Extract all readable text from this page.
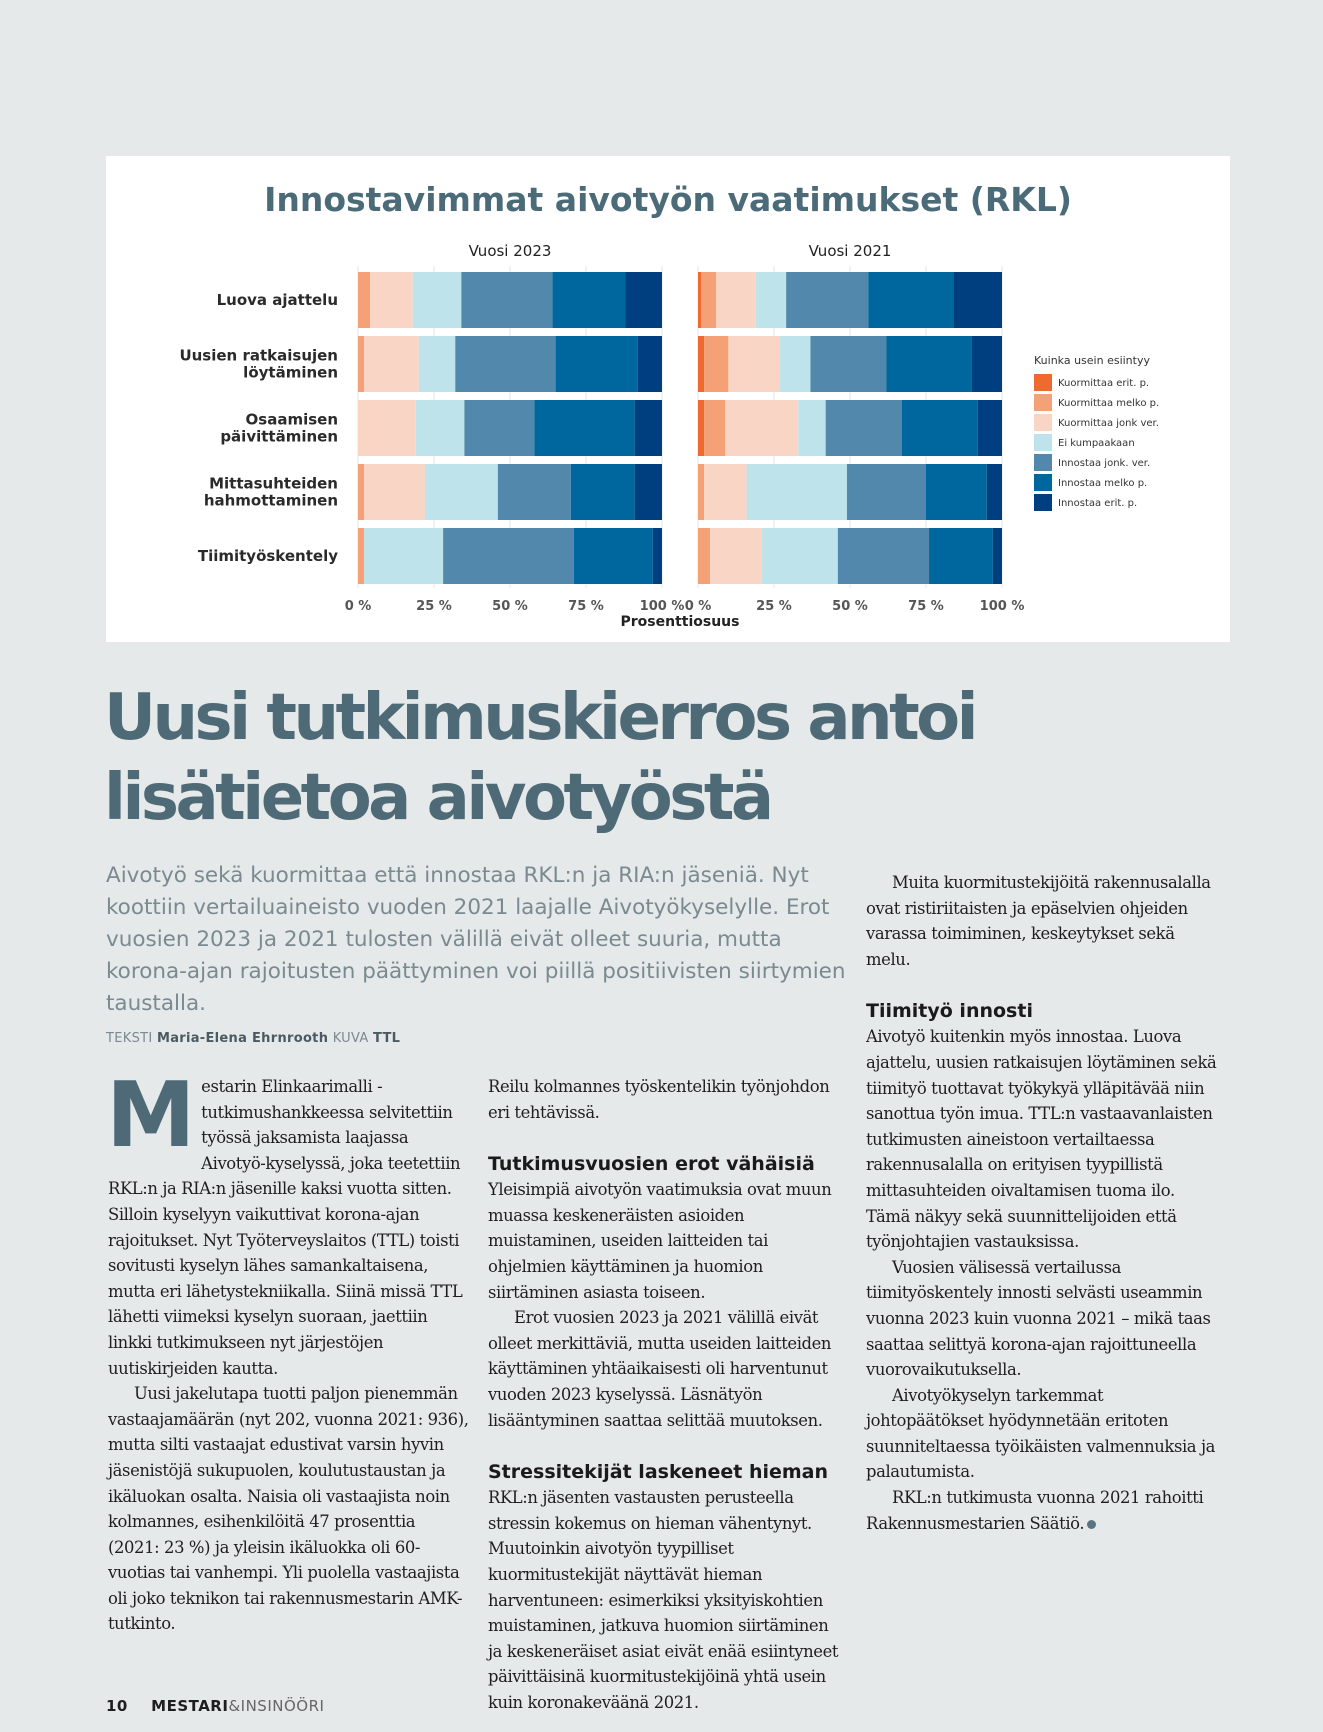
Innostavimmat aivotyön vaatimukset (RKL)
Vuosi 2023
0 %	25 %	50 %	75 %	100 %
Vuosi 2021
0 %	25 %	50 %	75 %	100 %
Luova ajattelu
Uusien ratkaisujen
löytäminen
Osaamisen
päivittäminen
Mittasuhteiden
hahmottaminen
Tiimityöskentely
Prosenttiosuus
Kuinka usein esiintyy
Kuormittaa erit. p.
Kuormittaa melko p.
Kuormittaa jonk ver.
Ei kumpaakaan
Innostaa jonk. ver.
Innostaa melko p.
Innostaa erit. p.
Uusi tutkimuskierros antoi
lisätietoa aivotyöstä

Aivotyö sekä kuormittaa että innostaa RKL:n ja RIA:n jäseniä. Nyt koottiin vertailuaineisto vuoden 2021 laajalle Aivotyökyselylle. Erot vuosien 2023 ja 2021 tulosten välillä eivät olleet suuria, mutta korona-ajan rajoitusten päättyminen voi piillä positiivisten siirtymien taustalla.

TEKSTI Maria-Elena Ehrnrooth KUVA TTL

Mestarin Elinkaarimalli -tutkimushankkeessa selvitettiin työssä jaksamista laajassa Aivotyö-kyselyssä, joka teetettiin RKL:n ja RIA:n jäsenille kaksi vuotta sitten. Silloin kyselyyn vaikuttivat korona-ajan rajoitukset. Nyt Työterveyslaitos (TTL) toisti sovitusti kyselyn lähes samankaltaisena, mutta eri lähetystekniikalla. Siinä missä TTL lähetti viimeksi kyselyn suoraan, jaettiin linkki tutkimukseen nyt järjestöjen uutiskirjeiden kautta.

Uusi jakelutapa tuotti paljon pienemmän vastaajamäärän (nyt 202, vuonna 2021: 936), mutta silti vastaajat edustivat varsin hyvin jäsenistöjä sukupuolen, koulutustaustan ja ikäluokan osalta. Naisia oli vastaajista noin kolmannes, esihenkilöitä 47 prosenttia (2021: 23 %) ja yleisin ikäluokka oli 60-vuotias tai vanhempi. Yli puolella vastaajista oli joko teknikon tai rakennusmestarin AMK-tutkinto.

Reilu kolmannes työskentelikin työnjohdon eri tehtävissä.

Tutkimusvuosien erot vähäisiä

Yleisimpiä aivotyön vaatimuksia ovat muun muassa keskeneräisten asioiden muistaminen, useiden laitteiden tai ohjelmien käyttäminen ja huomion siirtäminen asiasta toiseen.

Erot vuosien 2023 ja 2021 välillä eivät olleet merkittäviä, mutta useiden laitteiden käyttäminen yhtäaikaisesti oli harventunut vuoden 2023 kyselyssä. Läsnätyön lisääntyminen saattaa selittää muutoksen.

Stressitekijät laskeneet hieman

RKL:n jäsenten vastausten perusteella stressin kokemus on hieman vähentynyt. Muutoinkin aivotyön tyypilliset kuormitustekijät näyttävät hieman harventuneen: esimerkiksi yksityiskohtien muistaminen, jatkuva huomion siirtäminen ja keskeneräiset asiat eivät enää esiintyneet päivittäisinä kuormitustekijöinä yhtä usein kuin koronakeväänä 2021.

Muita kuormitustekijöitä rakennusalalla ovat ristiriitaisten ja epäselvien ohjeiden varassa toimiminen, keskeytykset sekä melu.

Tiimityö innosti

Aivotyö kuitenkin myös innostaa. Luova ajattelu, uusien ratkaisujen löytäminen sekä tiimityö tuottavat työkykyä ylläpitävää niin sanottua työn imua. TTL:n vastaavanlaisten tutkimusten aineistoon vertailtaessa rakennusalalla on erityisen tyypillistä mittasuhteiden oivaltamisen tuoma ilo. Tämä näkyy sekä suunnittelijoiden että työnjohtajien vastauksissa.

Vuosien välisessä vertailussa tiimityöskentely innosti selvästi useammin vuonna 2023 kuin vuonna 2021 – mikä taas saattaa selittyä korona-ajan rajoittuneella vuorovaikutuksella.

Aivotyökyselyn tarkemmat johtopäätökset hyödynnetään eritoten suunniteltaessa työikäisten valmennuksia ja palautumista.

RKL:n tutkimusta vuonna 2021 rahoitti Rakennusmestarien Säätiö.

10 MESTARI&INSINÖÖRI
